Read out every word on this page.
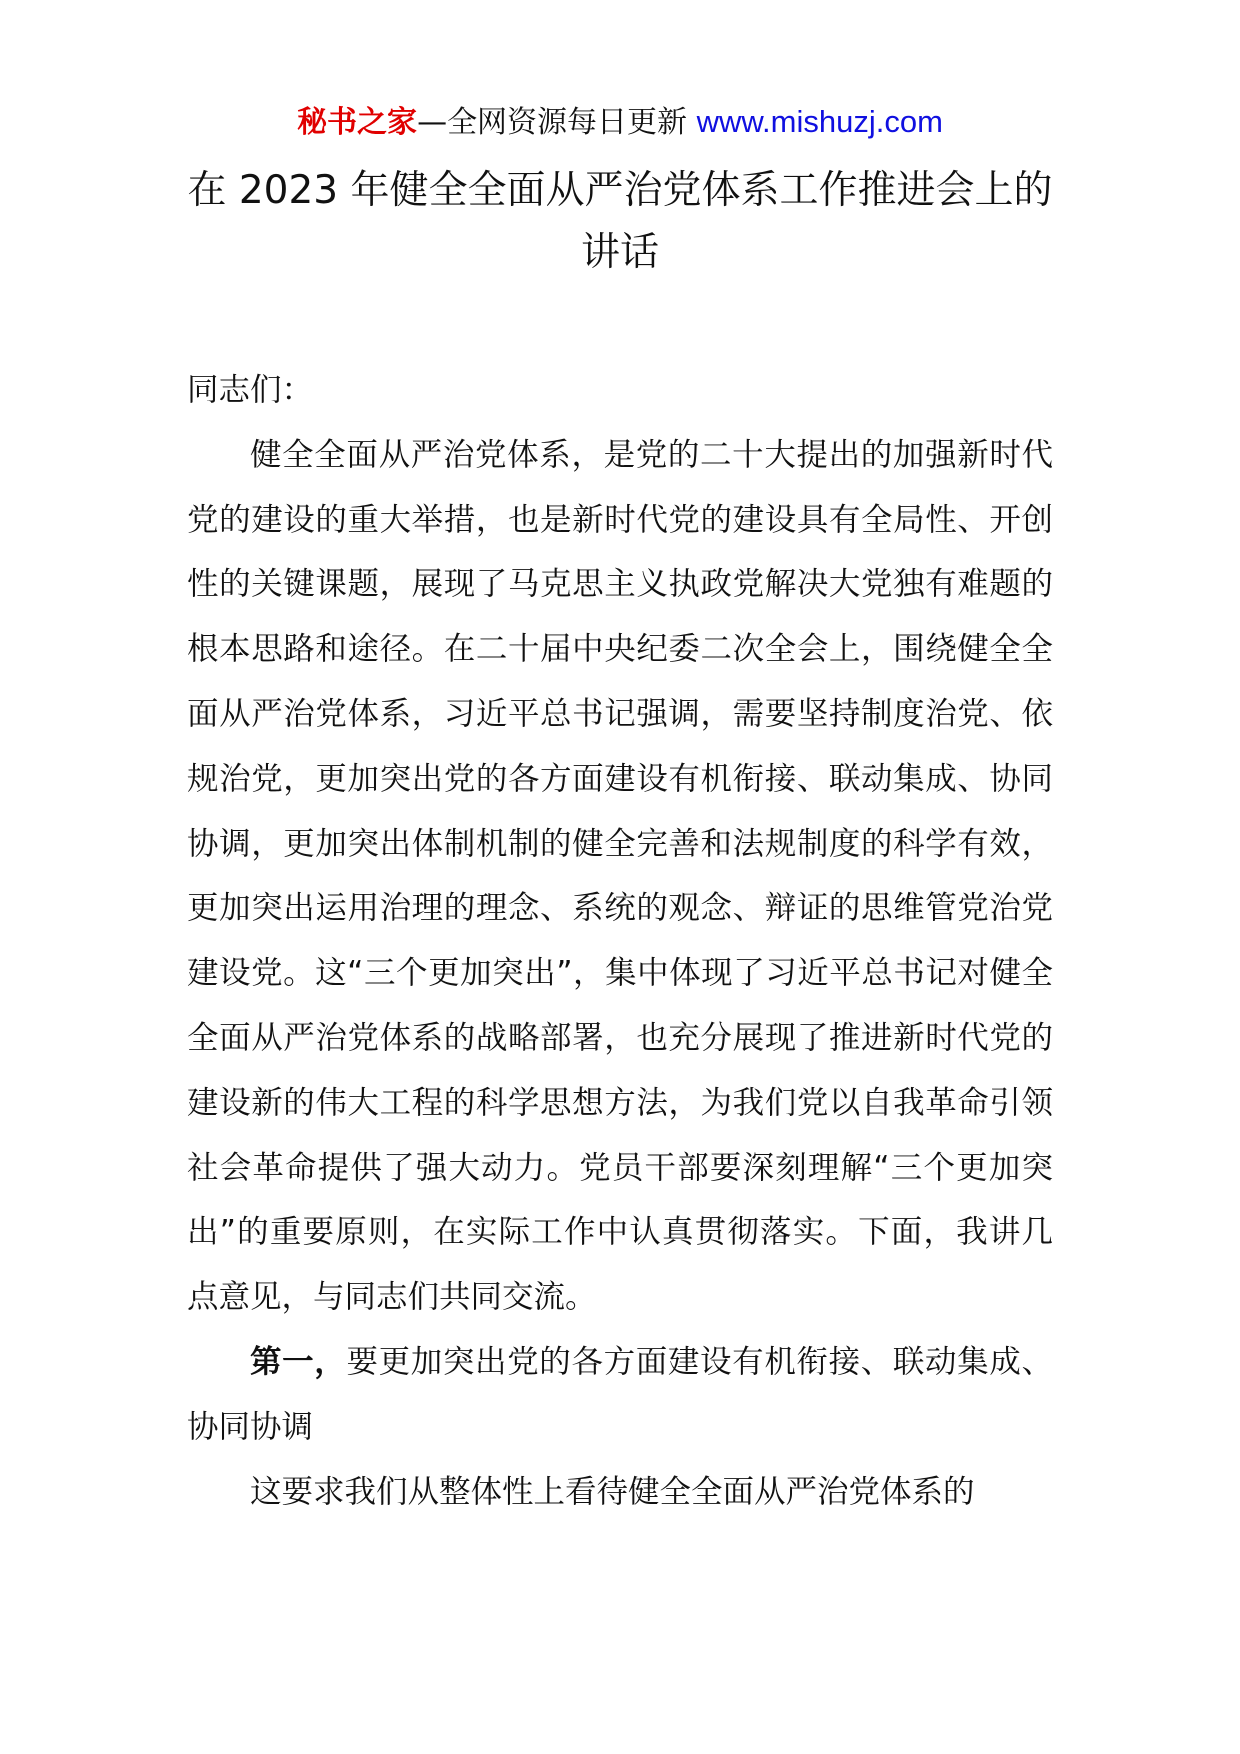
秘书之家—全网资源每日更新 www.mishuzj.com
在 2023 年健全全面从严治党体系工作推进会上的讲话

同志们：

健全全面从严治党体系，是党的二十大提出的加强新时代党的建设的重大举措，也是新时代党的建设具有全局性、开创性的关键课题，展现了马克思主义执政党解决大党独有难题的根本思路和途径。在二十届中央纪委二次全会上，围绕健全全面从严治党体系，习近平总书记强调，需要坚持制度治党、依规治党，更加突出党的各方面建设有机衔接、联动集成、协同协调，更加突出体制机制的健全完善和法规制度的科学有效，更加突出运用治理的理念、系统的观念、辩证的思维管党治党建设党。这“三个更加突出”，集中体现了习近平总书记对健全全面从严治党体系的战略部署，也充分展现了推进新时代党的建设新的伟大工程的科学思想方法，为我们党以自我革命引领社会革命提供了强大动力。党员干部要深刻理解“三个更加突出”的重要原则，在实际工作中认真贯彻落实。下面，我讲几点意见，与同志们共同交流。

第一，要更加突出党的各方面建设有机衔接、联动集成、协同协调

这要求我们从整体性上看待健全全面从严治党体系的
